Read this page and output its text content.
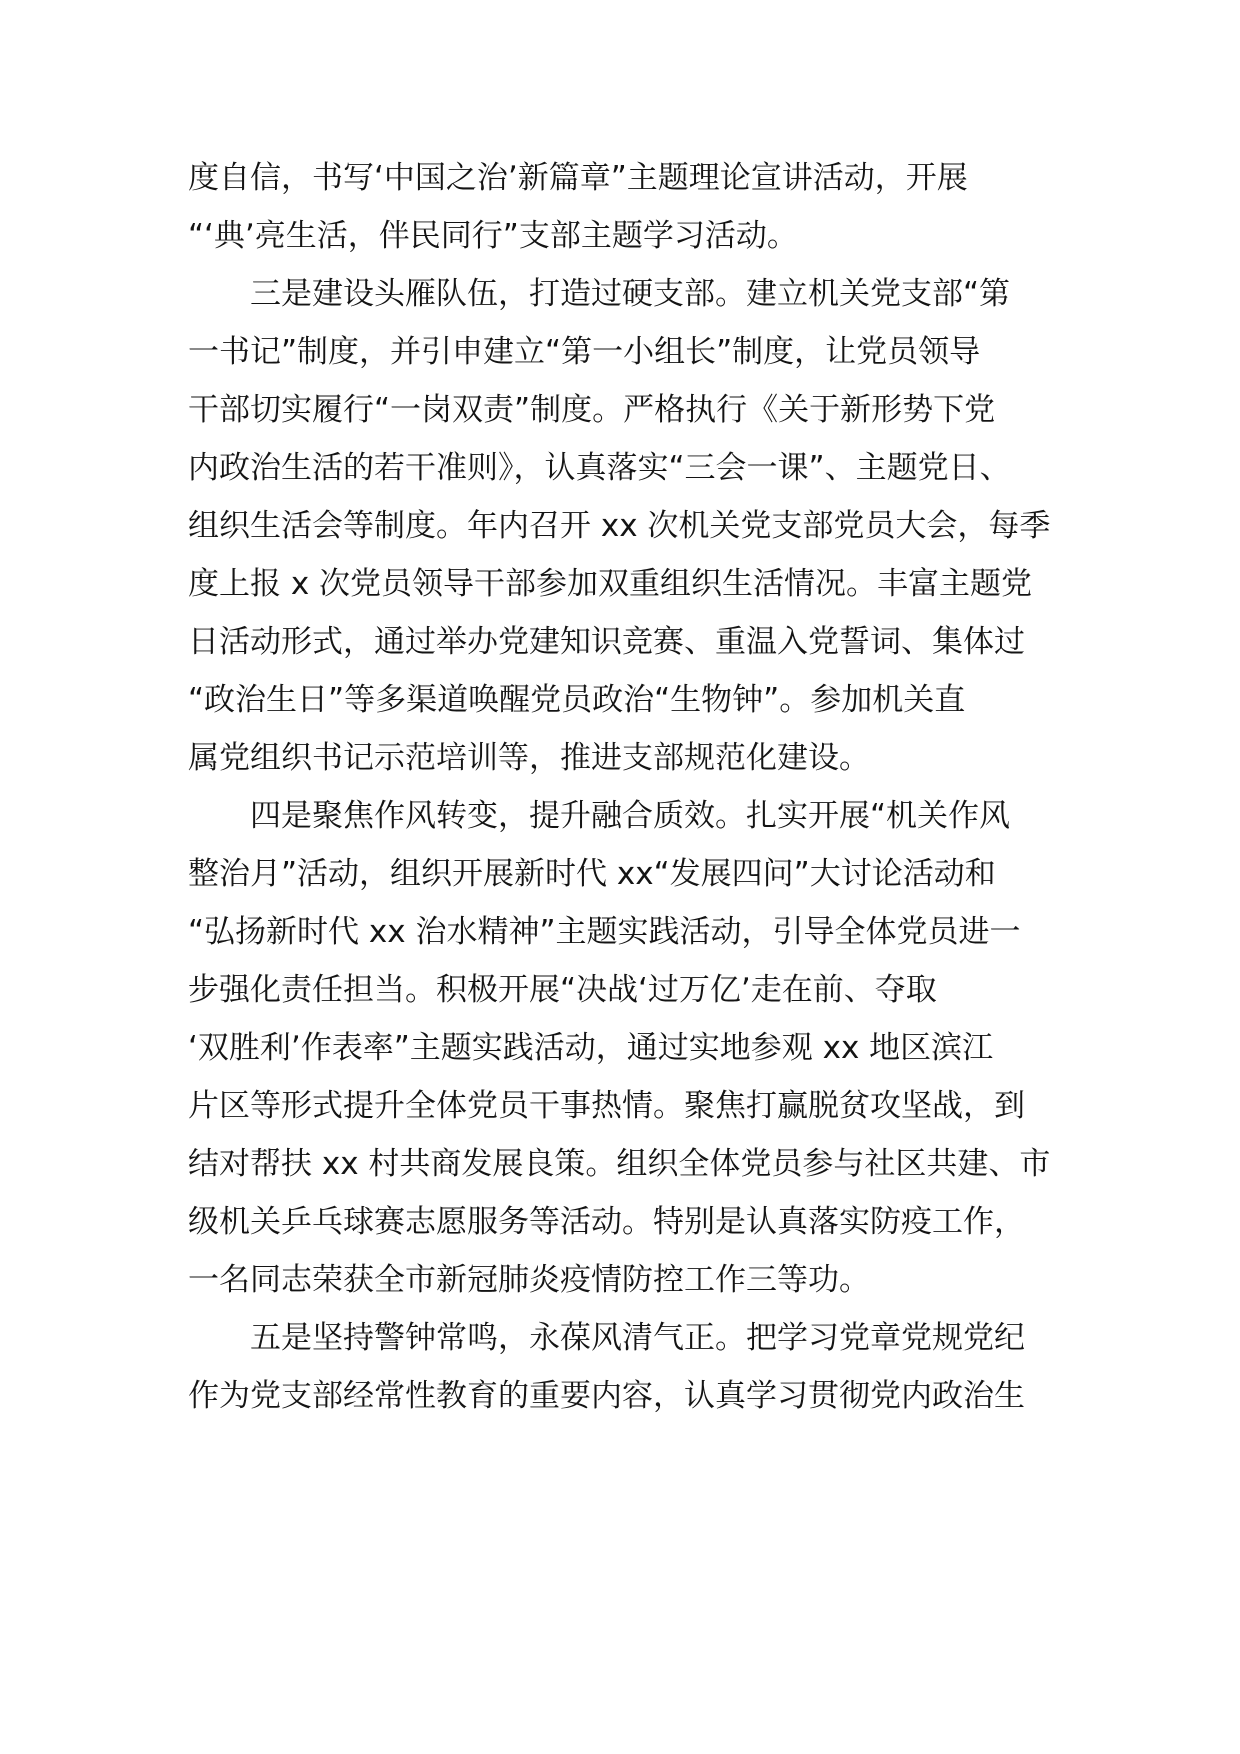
度自信，书写‘中国之治’新篇章”主题理论宣讲活动，开展
“‘典’亮生活，伴民同行”支部主题学习活动。
三是建设头雁队伍，打造过硬支部。建立机关党支部“第
一书记”制度，并引申建立“第一小组长”制度，让党员领导
干部切实履行“一岗双责”制度。严格执行《关于新形势下党
内政治生活的若干准则》，认真落实“三会一课”、主题党日、
组织生活会等制度。年内召开 xx 次机关党支部党员大会，每季
度上报 x 次党员领导干部参加双重组织生活情况。丰富主题党
日活动形式，通过举办党建知识竞赛、重温入党誓词、集体过
“政治生日”等多渠道唤醒党员政治“生物钟”。参加机关直
属党组织书记示范培训等，推进支部规范化建设。
四是聚焦作风转变，提升融合质效。扎实开展“机关作风
整治月”活动，组织开展新时代 xx“发展四问”大讨论活动和
“弘扬新时代 xx 治水精神”主题实践活动，引导全体党员进一
步强化责任担当。积极开展“决战‘过万亿’走在前、夺取
‘双胜利’作表率”主题实践活动，通过实地参观 xx 地区滨江
片区等形式提升全体党员干事热情。聚焦打赢脱贫攻坚战，到
结对帮扶 xx 村共商发展良策。组织全体党员参与社区共建、市
级机关乒乓球赛志愿服务等活动。特别是认真落实防疫工作，
一名同志荣获全市新冠肺炎疫情防控工作三等功。
五是坚持警钟常鸣，永葆风清气正。把学习党章党规党纪
作为党支部经常性教育的重要内容，认真学习贯彻党内政治生
